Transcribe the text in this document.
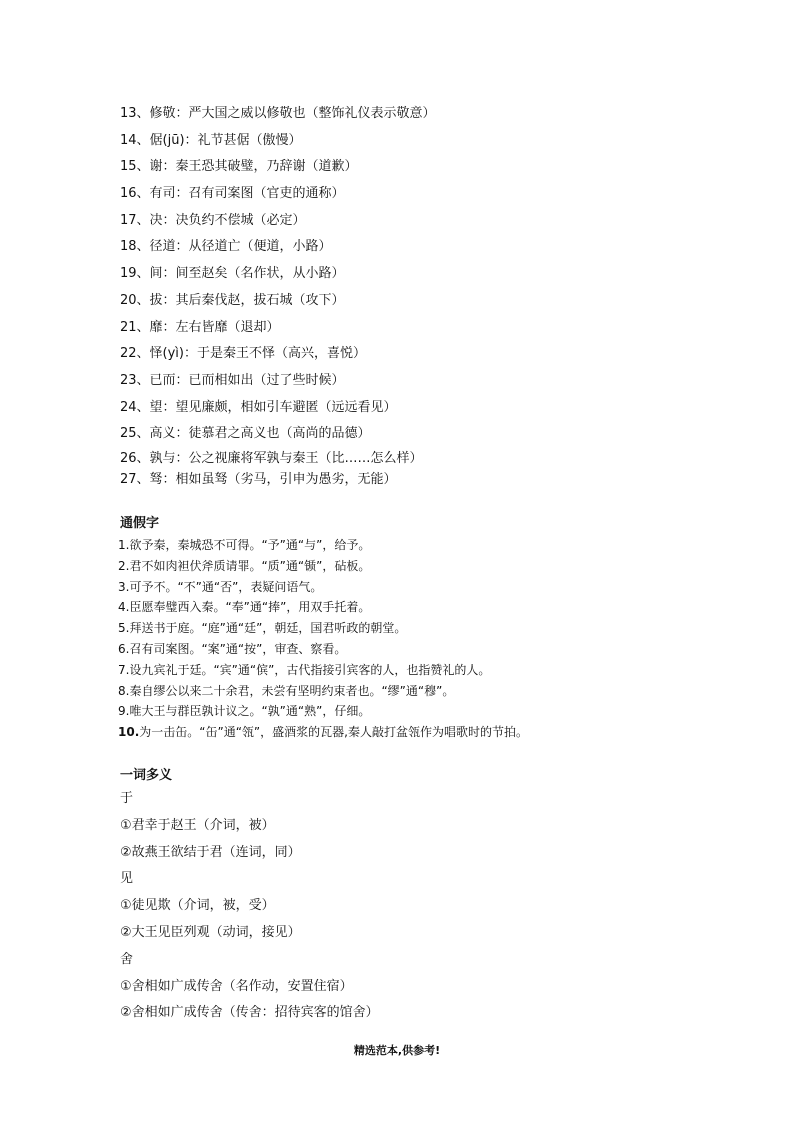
13、修敬：严大国之威以修敬也（整饰礼仪表示敬意）
14、倨(jū)：礼节甚倨（傲慢）
15、谢：秦王恐其破璧，乃辞谢（道歉）
16、有司：召有司案图（官吏的通称）
17、决：决负约不偿城（必定）
18、径道：从径道亡（便道，小路）
19、间：间至赵矣（名作状，从小路）
20、拔：其后秦伐赵，拔石城（攻下）
21、靡：左右皆靡（退却）
22、怿(yì)：于是秦王不怿（高兴，喜悦）
23、已而：已而相如出（过了些时候）
24、望：望见廉颇，相如引车避匿（远远看见）
25、高义：徒慕君之高义也（高尚的品德）
26、孰与：公之视廉将军孰与秦王（比……怎么样）
27、驽：相如虽驽（劣马，引申为愚劣，无能）
通假字
1.欲予秦，秦城恐不可得。“予”通“与”，给予。
2.君不如肉袒伏斧质请罪。“质”通“锧”，砧板。
3.可予不。“不”通“否”，表疑问语气。
4.臣愿奉璧西入秦。“奉”通“捧”，用双手托着。
5.拜送书于庭。“庭”通“廷”，朝廷，国君听政的朝堂。
6.召有司案图。“案”通“按”，审查、察看。
7.设九宾礼于廷。“宾”通“傧”，古代指接引宾客的人，也指赞礼的人。
8.秦自缪公以来二十余君，未尝有坚明约束者也。“缪”通“穆”。
9.唯大王与群臣孰计议之。“孰”通“熟”，仔细。
10.为一击缶。“缶”通“瓴”，盛酒浆的瓦器,秦人敲打盆瓴作为唱歌时的节拍。
一词多义
于
①君幸于赵王（介词，被）
②故燕王欲结于君（连词，同）
见
①徒见欺（介词，被，受）
②大王见臣列观（动词，接见）
舍
①舍相如广成传舍（名作动，安置住宿）
②舍相如广成传舍（传舍：招待宾客的馆舍）
精选范本,供参考!
